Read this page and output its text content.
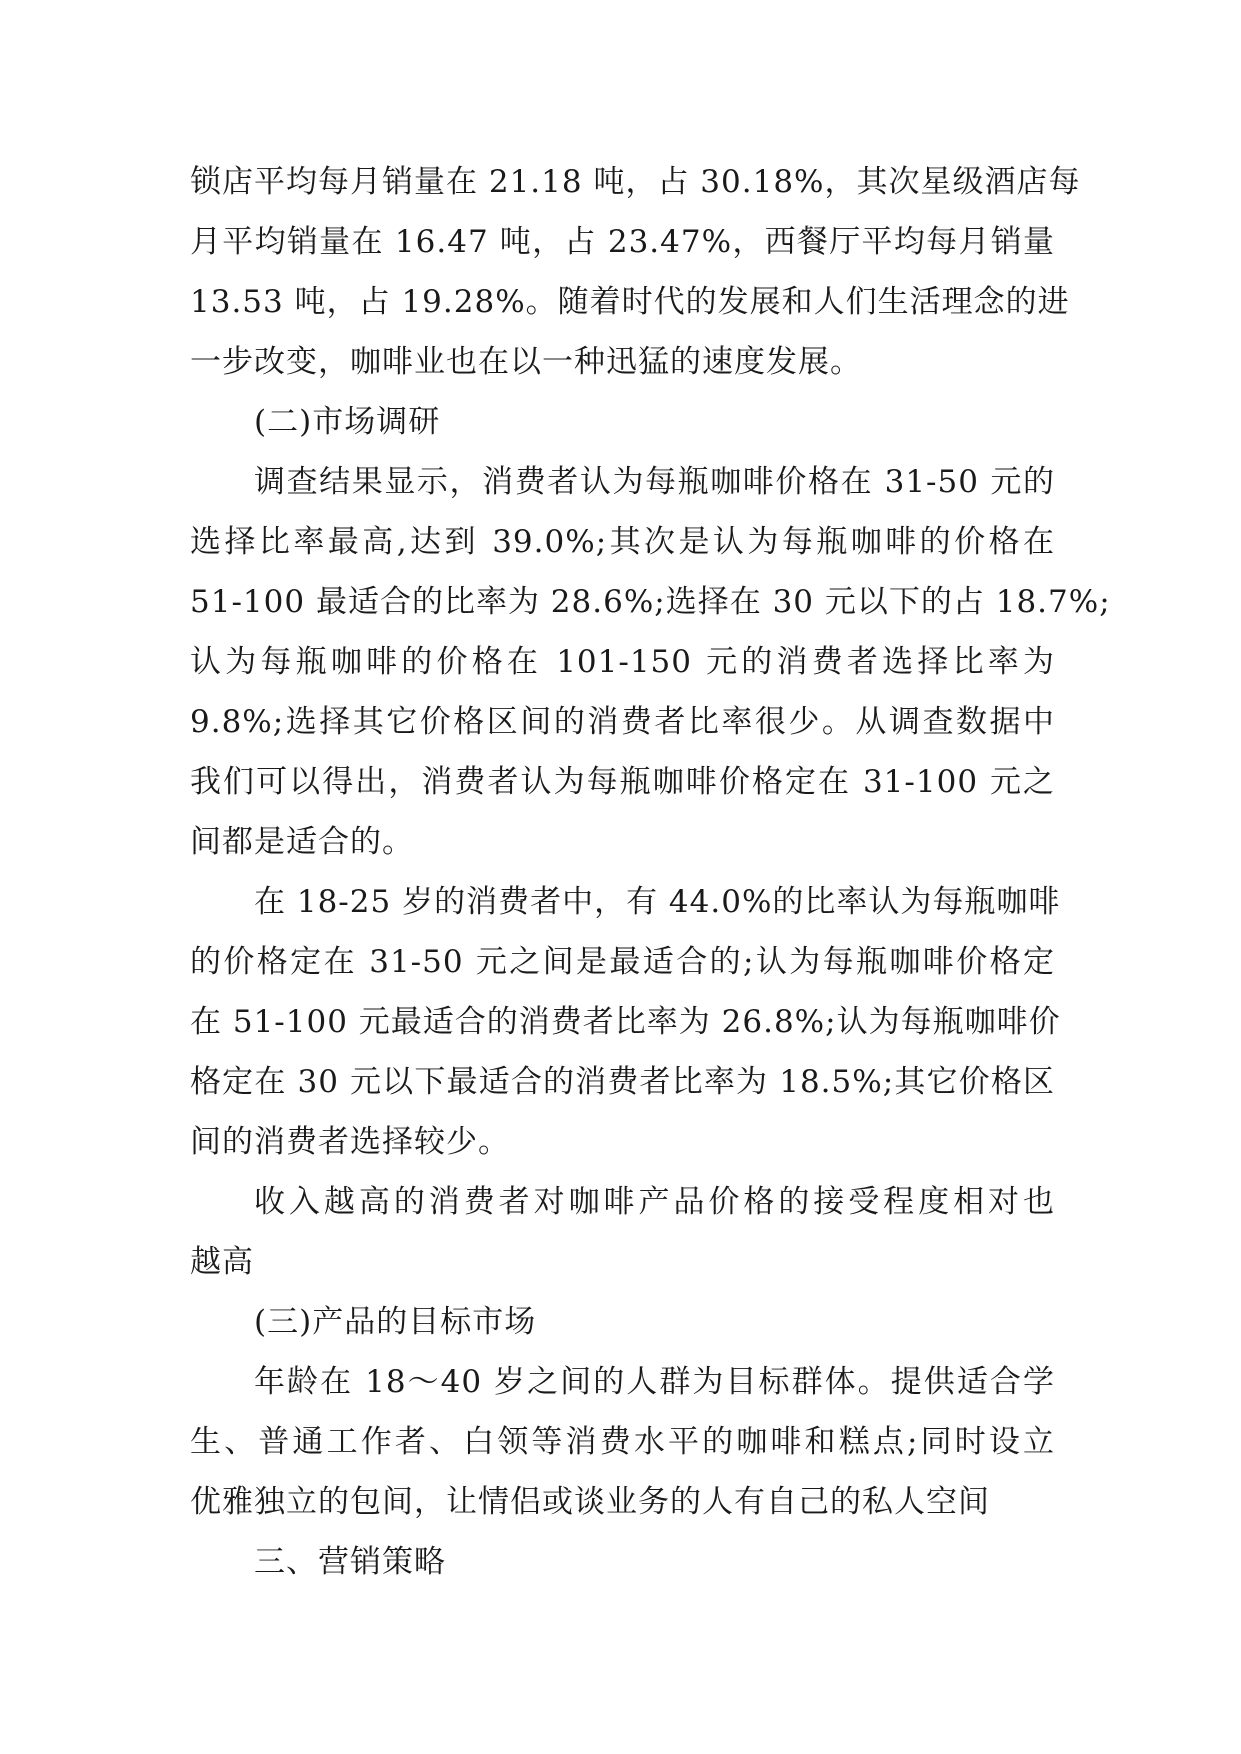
锁店平均每月销量在 21.18 吨，占 30.18%，其次星级酒店每
月平均销量在 16.47 吨，占 23.47%，西餐厅平均每月销量
13.53 吨，占 19.28%。随着时代的发展和人们生活理念的进
一步改变，咖啡业也在以一种迅猛的速度发展。

(二)市场调研

调查结果显示，消费者认为每瓶咖啡价格在 31-50 元的
选择比率最高,达到 39.0%;其次是认为每瓶咖啡的价格在
51-100 最适合的比率为 28.6%;选择在 30 元以下的占 18.7%;
认为每瓶咖啡的价格在 101-150 元的消费者选择比率为
9.8%;选择其它价格区间的消费者比率很少。从调查数据中
我们可以得出，消费者认为每瓶咖啡价格定在 31-100 元之
间都是适合的。

在 18-25 岁的消费者中，有 44.0%的比率认为每瓶咖啡
的价格定在 31-50 元之间是最适合的;认为每瓶咖啡价格定
在 51-100 元最适合的消费者比率为 26.8%;认为每瓶咖啡价
格定在 30 元以下最适合的消费者比率为 18.5%;其它价格区
间的消费者选择较少。

收入越高的消费者对咖啡产品价格的接受程度相对也
越高

(三)产品的目标市场

年龄在 18～40 岁之间的人群为目标群体。提供适合学
生、普通工作者、白领等消费水平的咖啡和糕点;同时设立
优雅独立的包间，让情侣或谈业务的人有自己的私人空间

三、营销策略
